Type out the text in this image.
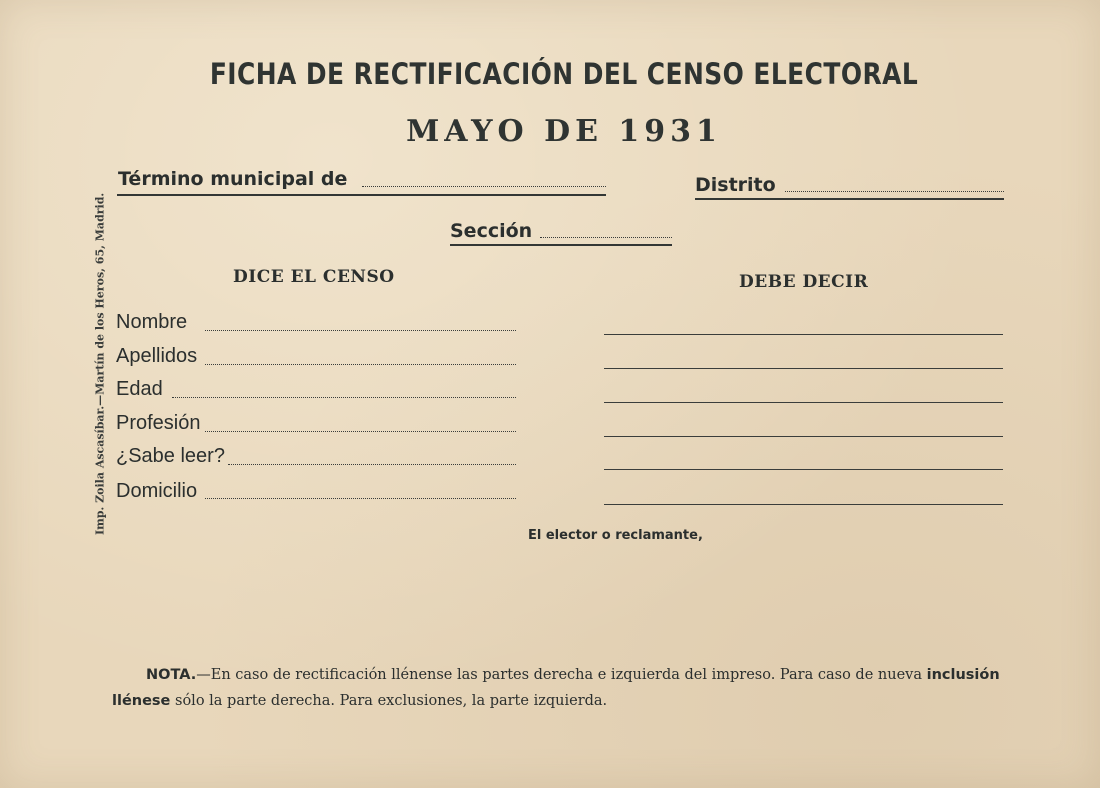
FICHA DE RECTIFICACIÓN DEL CENSO ELECTORAL
MAYO DE 1931
Término municipal de	Distrito
Sección
DICE EL CENSO	DEBE DECIR
Nombre
Apellidos
Edad
Profesión
¿Sabe leer?
Domicilio
Imp. Zoila Ascasíbar.—Martín de los Heros, 65, Madrid.
El elector o reclamante,
NOTA.—En caso de rectificación llénense las partes derecha e izquierda del impreso. Para caso de nueva inclusión
llénese sólo la parte derecha. Para exclusiones, la parte izquierda.
